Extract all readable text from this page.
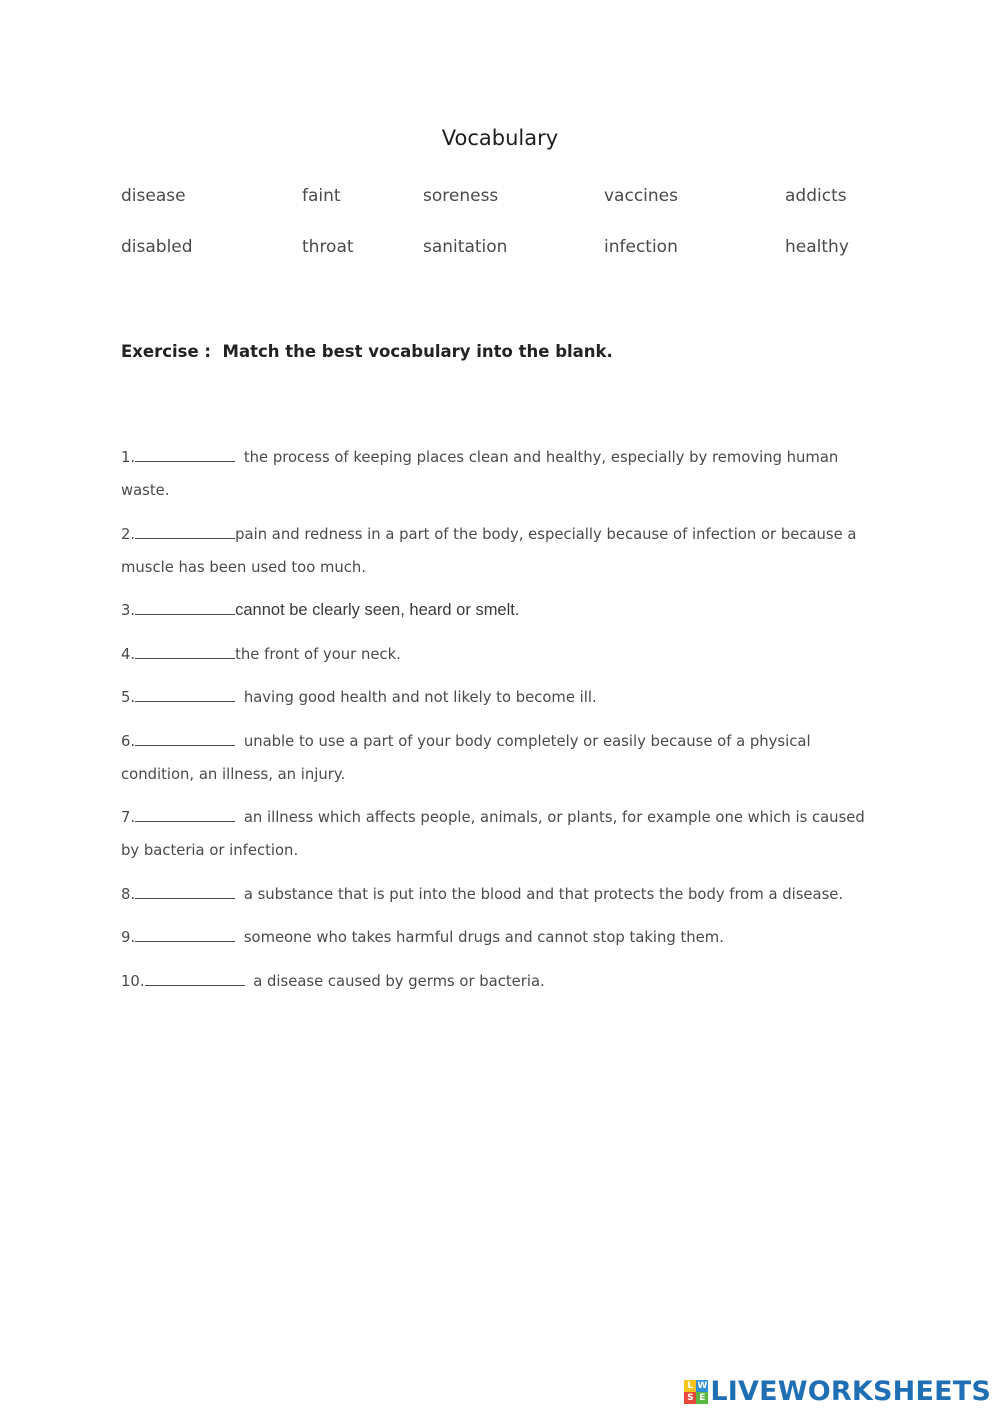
Vocabulary
disease	faint	soreness	vaccines	addicts
disabled	throat	sanitation	infection	healthy
Exercise :  Match the best vocabulary into the blank.
1.	the process of keeping places clean and healthy, especially by removing human waste.
2.	pain and redness in a part of the body, especially because of infection or because a muscle has been used too much.
3.	cannot be clearly seen, heard or smelt.
4.	the front of your neck.
5.	having good health and not likely to become ill.
6.	unable to use a part of your body completely or easily because of a physical condition, an illness, an injury.
7.	an illness which affects people, animals, or plants, for example one which is caused by bacteria or infection.
8.	a substance that is put into the blood and that protects the body from a disease.
9.	someone who takes harmful drugs and cannot stop taking them.
10.	a disease caused by germs or bacteria.
L W
S E LIVEWORKSHEETS
